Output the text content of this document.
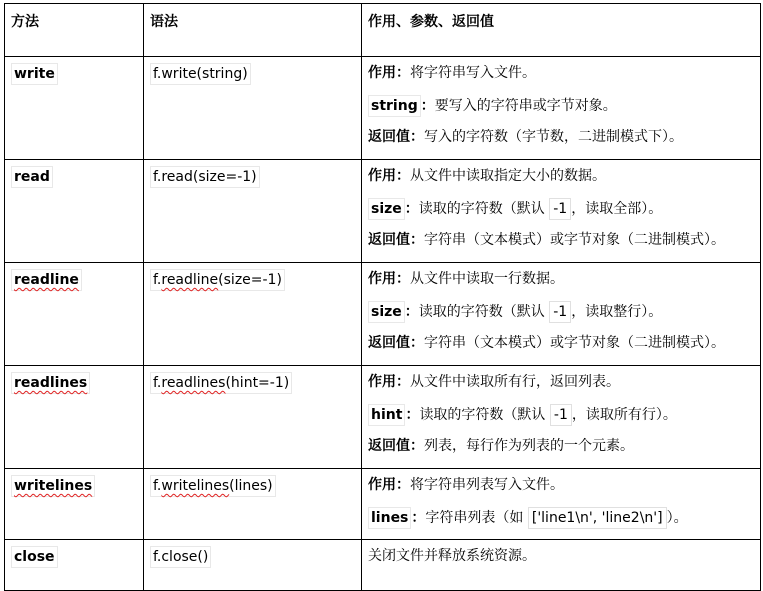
方法	语法	作用、参数、返回值
write	f.write(string)	作用：将字符串写入文件。
string ：要写入的字符串或字节对象。
返回值：写入的字符数（字节数，二进制模式下）。

read	f.read(size=-1)	作用：从文件中读取指定大小的数据。
size ：读取的字符数（默认 -1 ，读取全部）。
返回值：字符串（文本模式）或字节对象（二进制模式）。

readline	f.readline(size=-1)	作用：从文件中读取一行数据。
size ：读取的字符数（默认 -1 ，读取整行）。
返回值：字符串（文本模式）或字节对象（二进制模式）。

readlines	f.readlines(hint=-1)	作用：从文件中读取所有行，返回列表。
hint ：读取的字符数（默认 -1 ，读取所有行）。
返回值：列表，每行作为列表的一个元素。

writelines	f.writelines(lines)	作用：将字符串列表写入文件。
lines ：字符串列表（如 ['line1\n', 'line2\n'] ）。

close	f.close()	关闭文件并释放系统资源。
